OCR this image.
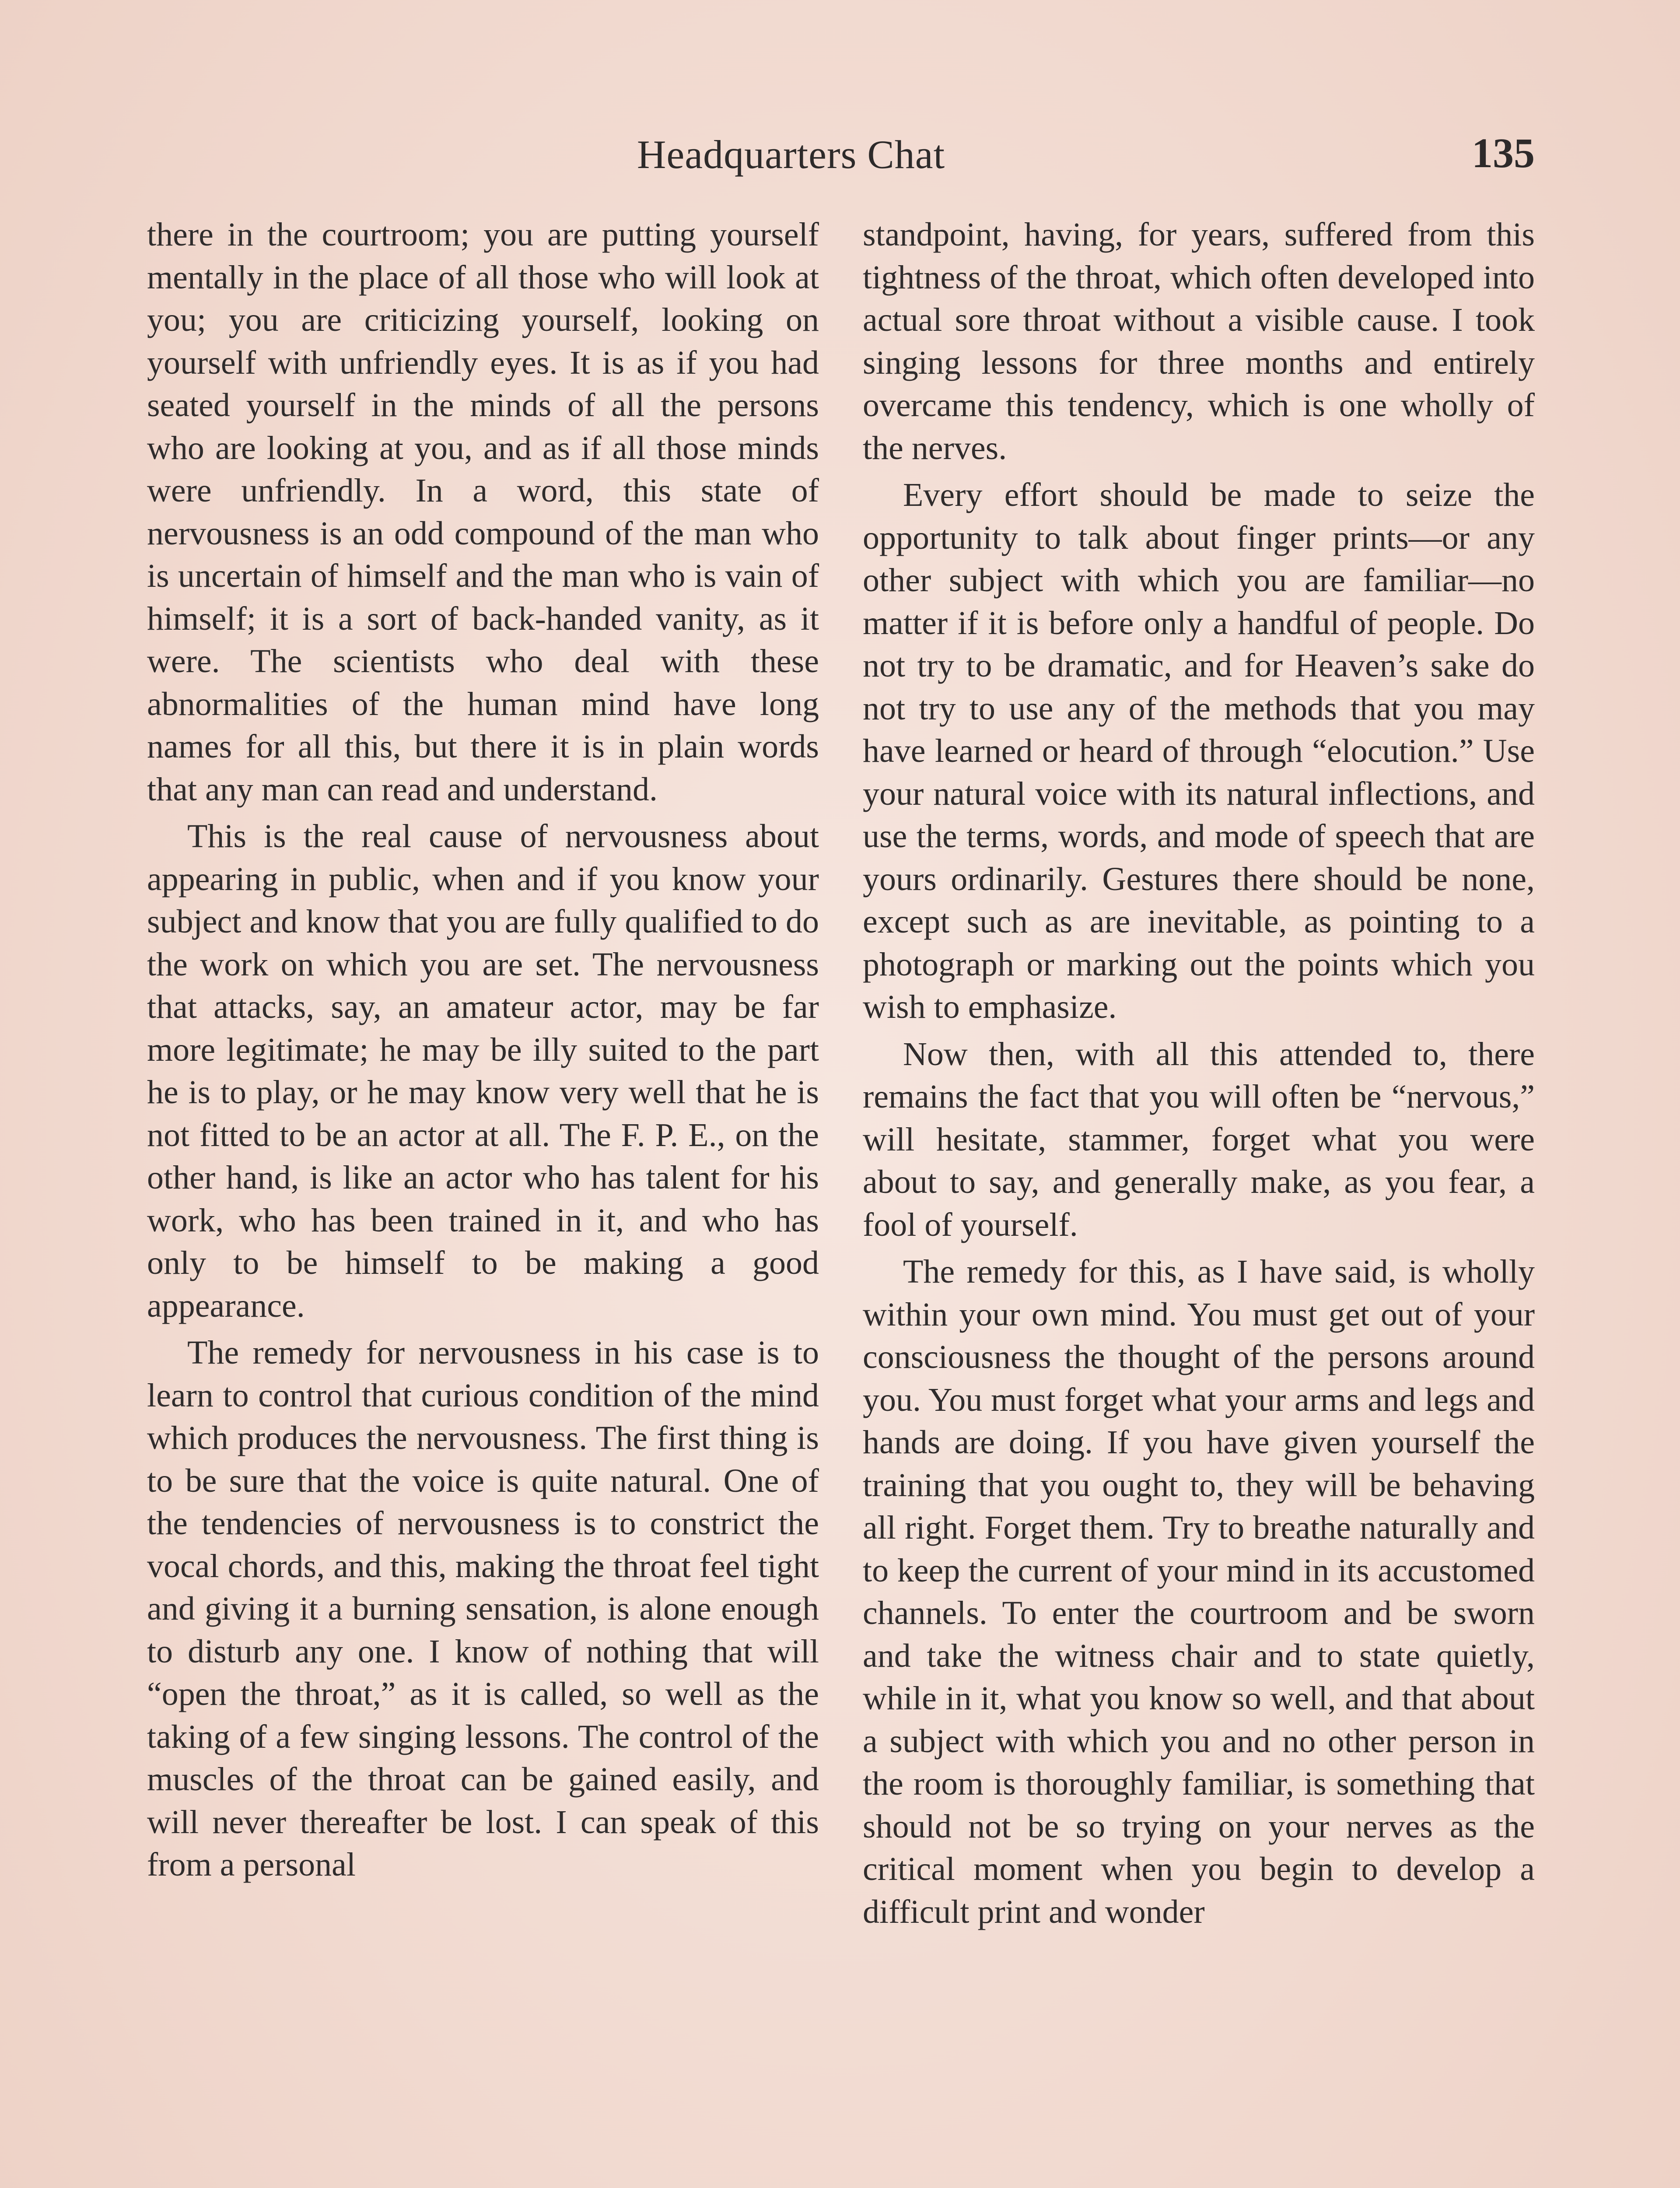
Headquarters Chat	135

there in the courtroom; you are putting yourself mentally in the place of all those who will look at you; you are criticizing yourself, looking on yourself with unfriendly eyes. It is as if you had seated yourself in the minds of all the persons who are looking at you, and as if all those minds were unfriendly. In a word, this state of nervousness is an odd compound of the man who is uncertain of himself and the man who is vain of himself; it is a sort of back-handed vanity, as it were. The scientists who deal with these abnormalities of the human mind have long names for all this, but there it is in plain words that any man can read and understand.

This is the real cause of nervousness about appearing in public, when and if you know your subject and know that you are fully qualified to do the work on which you are set. The nervousness that attacks, say, an amateur actor, may be far more legitimate; he may be illy suited to the part he is to play, or he may know very well that he is not fitted to be an actor at all. The F. P. E., on the other hand, is like an actor who has talent for his work, who has been trained in it, and who has only to be himself to be making a good appearance.

The remedy for nervousness in his case is to learn to control that curious condition of the mind which produces the nervousness. The first thing is to be sure that the voice is quite natural. One of the tendencies of nervousness is to constrict the vocal chords, and this, making the throat feel tight and giving it a burning sensation, is alone enough to disturb any one. I know of nothing that will “open the throat,” as it is called, so well as the taking of a few singing lessons. The control of the muscles of the throat can be gained easily, and will never thereafter be lost. I can speak of this from a personal

standpoint, having, for years, suffered from this tightness of the throat, which often developed into actual sore throat without a visible cause. I took singing lessons for three months and entirely overcame this tendency, which is one wholly of the nerves.

Every effort should be made to seize the opportunity to talk about finger prints—or any other subject with which you are familiar—no matter if it is before only a handful of people. Do not try to be dramatic, and for Heaven’s sake do not try to use any of the methods that you may have learned or heard of through “elocution.” Use your natural voice with its natural inflections, and use the terms, words, and mode of speech that are yours ordinarily. Gestures there should be none, except such as are inevitable, as pointing to a photograph or marking out the points which you wish to emphasize.

Now then, with all this attended to, there remains the fact that you will often be “nervous,” will hesitate, stammer, forget what you were about to say, and generally make, as you fear, a fool of yourself.

The remedy for this, as I have said, is wholly within your own mind. You must get out of your consciousness the thought of the persons around you. You must forget what your arms and legs and hands are doing. If you have given yourself the training that you ought to, they will be behaving all right. Forget them. Try to breathe naturally and to keep the current of your mind in its accustomed channels. To enter the courtroom and be sworn and take the witness chair and to state quietly, while in it, what you know so well, and that about a subject with which you and no other person in the room is thoroughly familiar, is something that should not be so trying on your nerves as the critical moment when you begin to develop a difficult print and wonder
